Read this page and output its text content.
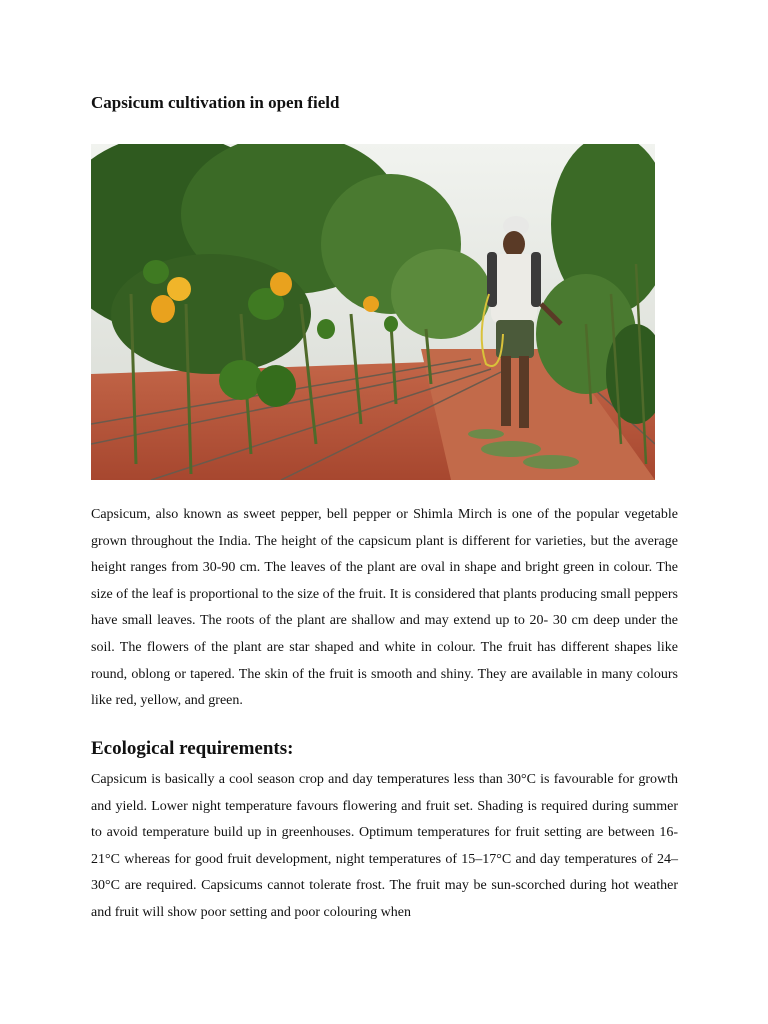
Capsicum cultivation in open field

Capsicum, also known as sweet pepper, bell pepper or Shimla Mirch is one of the popular vegetable grown throughout the India. The height of the capsicum plant is different for varieties, but the average height ranges from 30-90 cm. The leaves of the plant are oval in shape and bright green in colour. The size of the leaf is proportional to the size of the fruit. It is considered that plants producing small peppers have small leaves. The roots of the plant are shallow and may extend up to 20- 30 cm deep under the soil. The flowers of the plant are star shaped and white in colour. The fruit has different shapes like round, oblong or tapered. The skin of the fruit is smooth and shiny. They are available in many colours like red, yellow, and green.

Ecological requirements:

Capsicum is basically a cool season crop and day temperatures less than 30°C is favourable for growth and yield. Lower night temperature favours flowering and fruit set. Shading is required during summer to avoid temperature build up in greenhouses. Optimum temperatures for fruit setting are between 16- 21°C whereas for good fruit development, night temperatures of 15–17°C and day temperatures of 24–30°C are required. Capsicums cannot tolerate frost. The fruit may be sun-scorched during hot weather and fruit will show poor setting and poor colouring when
